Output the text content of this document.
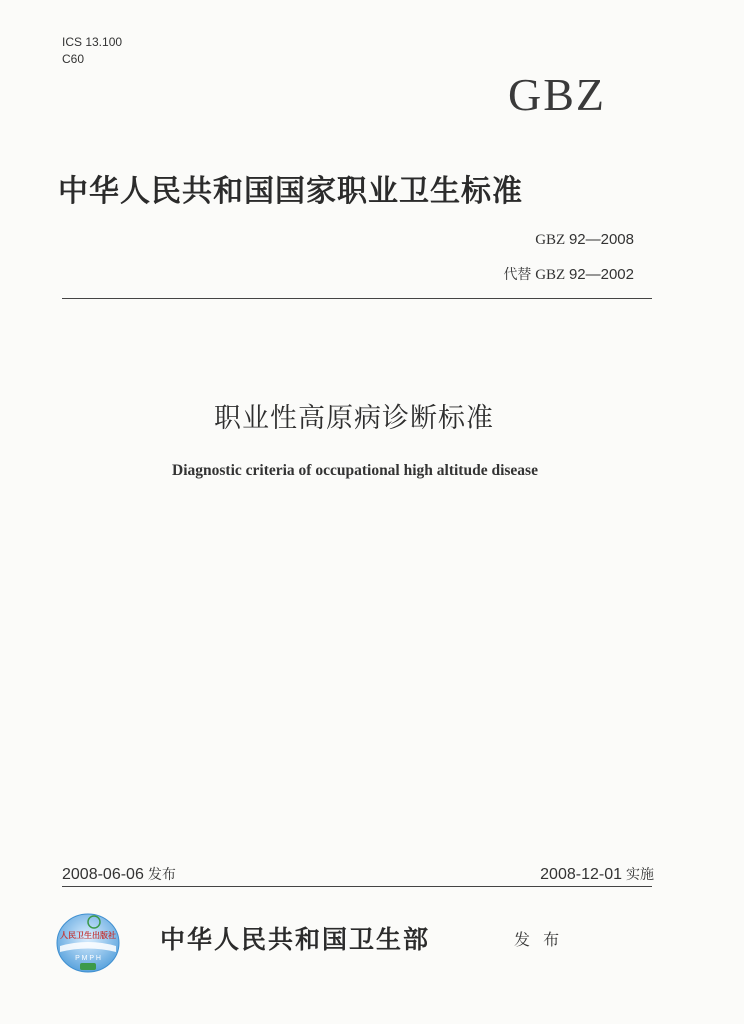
ICS 13.100
C60
GBZ
中华人民共和国国家职业卫生标准
GBZ 92—2008
代替 GBZ 92—2002
职业性高原病诊断标准
Diagnostic criteria of occupational high altitude disease
2008-06-06 发布	2008-12-01 实施
人民卫生出版社
P M P H
中华人民共和国卫生部	发 布
